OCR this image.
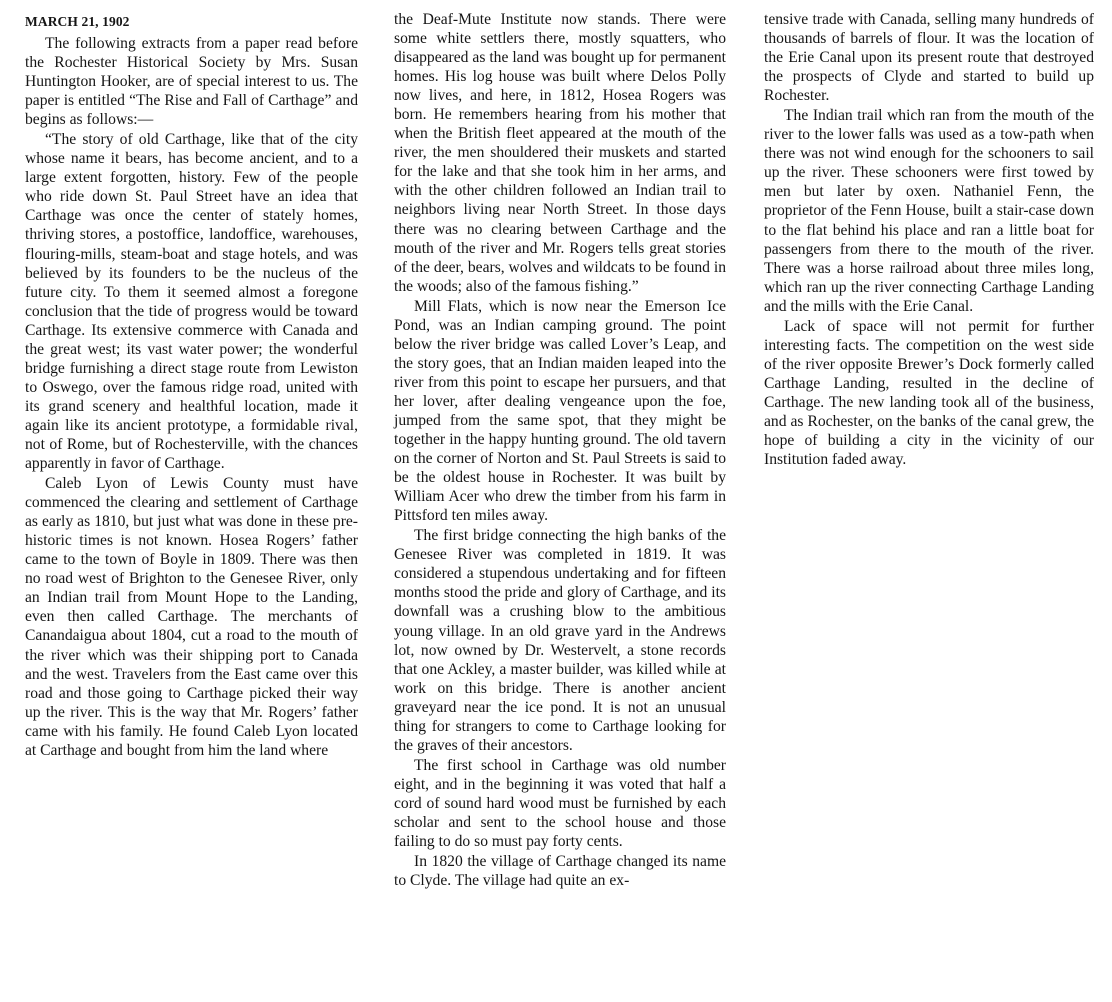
MARCH 21, 1902

The following extracts from a paper read before the Rochester Historical Society by Mrs. Susan Huntington Hooker, are of special interest to us. The paper is entitled “The Rise and Fall of Carthage” and begins as follows:—

“The story of old Carthage, like that of the city whose name it bears, has become ancient, and to a large extent forgotten, history. Few of the people who ride down St. Paul Street have an idea that Carthage was once the center of stately homes, thriving stores, a postoffice, landoffice, warehouses, flouring-mills, steam-boat and stage hotels, and was believed by its founders to be the nucleus of the future city. To them it seemed almost a foregone conclusion that the tide of progress would be toward Carthage. Its extensive commerce with Canada and the great west; its vast water power; the wonderful bridge furnishing a direct stage route from Lewiston to Oswego, over the famous ridge road, united with its grand scenery and healthful location, made it again like its ancient prototype, a formidable rival, not of Rome, but of Rochesterville, with the chances apparently in favor of Carthage.

Caleb Lyon of Lewis County must have commenced the clearing and settlement of Carthage as early as 1810, but just what was done in these pre-historic times is not known. Hosea Rogers’ father came to the town of Boyle in 1809. There was then no road west of Brighton to the Genesee River, only an Indian trail from Mount Hope to the Landing, even then called Carthage. The merchants of Canandaigua about 1804, cut a road to the mouth of the river which was their shipping port to Canada and the west. Travelers from the East came over this road and those going to Carthage picked their way up the river. This is the way that Mr. Rogers’ father came with his family. He found Caleb Lyon located at Carthage and bought from him the land where

the Deaf-Mute Institute now stands. There were some white settlers there, mostly squatters, who disappeared as the land was bought up for permanent homes. His log house was built where Delos Polly now lives, and here, in 1812, Hosea Rogers was born. He remembers hearing from his mother that when the British fleet appeared at the mouth of the river, the men shouldered their muskets and started for the lake and that she took him in her arms, and with the other children followed an Indian trail to neighbors living near North Street. In those days there was no clearing between Carthage and the mouth of the river and Mr. Rogers tells great stories of the deer, bears, wolves and wildcats to be found in the woods; also of the famous fishing.”

Mill Flats, which is now near the Emerson Ice Pond, was an Indian camping ground. The point below the river bridge was called Lover’s Leap, and the story goes, that an Indian maiden leaped into the river from this point to escape her pursuers, and that her lover, after dealing vengeance upon the foe, jumped from the same spot, that they might be together in the happy hunting ground. The old tavern on the corner of Norton and St. Paul Streets is said to be the oldest house in Rochester. It was built by William Acer who drew the timber from his farm in Pittsford ten miles away.

The first bridge connecting the high banks of the Genesee River was completed in 1819. It was considered a stupendous undertaking and for fifteen months stood the pride and glory of Carthage, and its downfall was a crushing blow to the ambitious young village. In an old grave yard in the Andrews lot, now owned by Dr. Westervelt, a stone records that one Ackley, a master builder, was killed while at work on this bridge. There is another ancient graveyard near the ice pond. It is not an unusual thing for strangers to come to Carthage looking for the graves of their ancestors.

The first school in Carthage was old number eight, and in the beginning it was voted that half a cord of sound hard wood must be furnished by each scholar and sent to the school house and those failing to do so must pay forty cents.

In 1820 the village of Carthage changed its name to Clyde. The village had quite an ex-

tensive trade with Canada, selling many hundreds of thousands of barrels of flour. It was the location of the Erie Canal upon its present route that destroyed the prospects of Clyde and started to build up Rochester.

The Indian trail which ran from the mouth of the river to the lower falls was used as a tow-path when there was not wind enough for the schooners to sail up the river. These schooners were first towed by men but later by oxen. Nathaniel Fenn, the proprietor of the Fenn House, built a stair-case down to the flat behind his place and ran a little boat for passengers from there to the mouth of the river. There was a horse railroad about three miles long, which ran up the river connecting Carthage Landing and the mills with the Erie Canal.

Lack of space will not permit for further interesting facts. The competition on the west side of the river opposite Brewer’s Dock formerly called Carthage Landing, resulted in the decline of Carthage. The new landing took all of the business, and as Rochester, on the banks of the canal grew, the hope of building a city in the vicinity of our Institution faded away.
